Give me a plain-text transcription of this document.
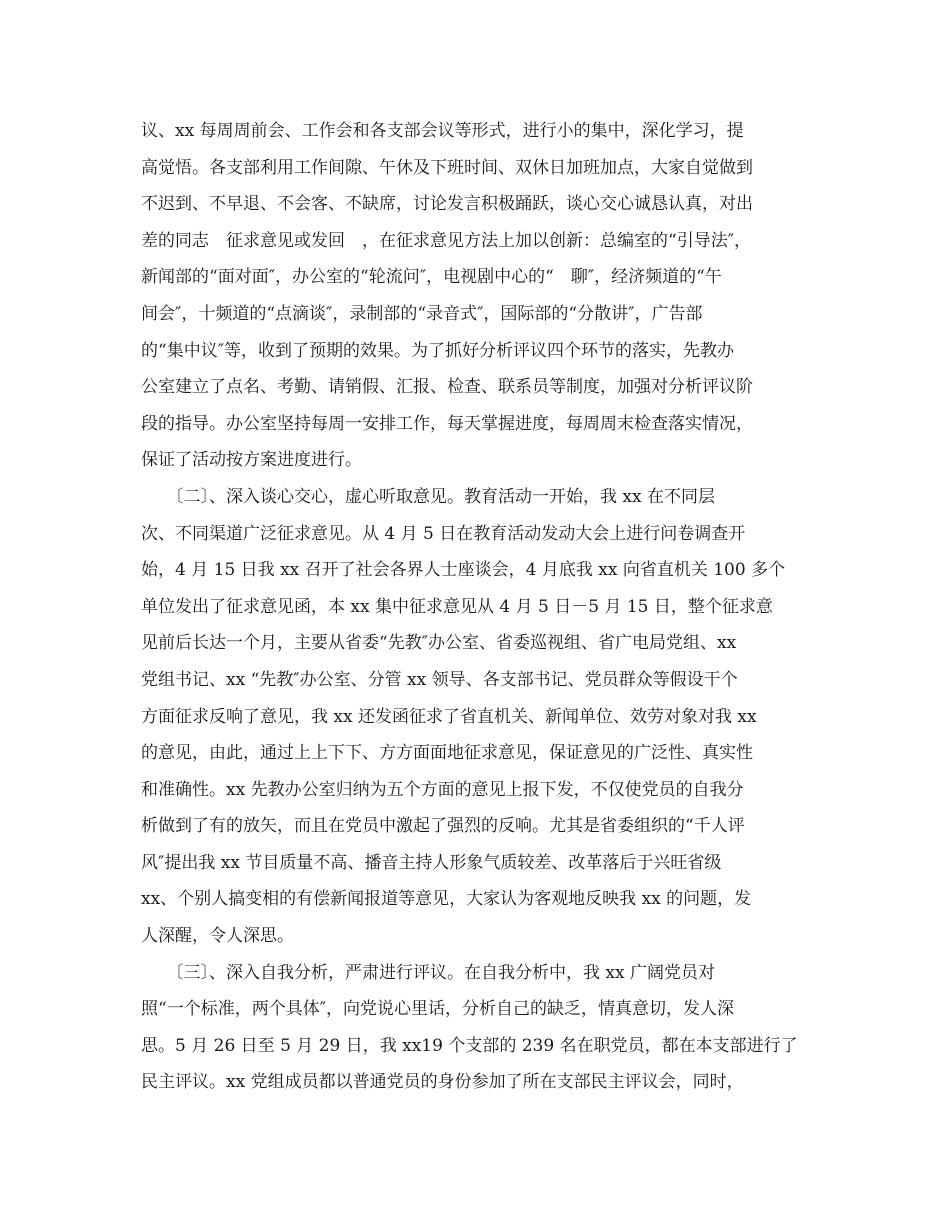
议、xx 每周周前会、工作会和各支部会议等形式，进行小的集中，深化学习，提
高觉悟。各支部利用工作间隙、午休及下班时间、双休日加班加点，大家自觉做到
不迟到、不早退、不会客、不缺席，讨论发言积极踊跃，谈心交心诚恳认真，对出
差的同志　征求意见或发回　，在征求意见方法上加以创新：总编室的“引导法″，
新闻部的“面对面″，办公室的“轮流问″，电视剧中心的“　聊″，经济频道的“午
间会″，十频道的“点滴谈″，录制部的“录音式″，国际部的“分散讲″，广告部
的“集中议″等，收到了预期的效果。为了抓好分析评议四个环节的落实，先教办
公室建立了点名、考勤、请销假、汇报、检查、联系员等制度，加强对分析评议阶
段的指导。办公室坚持每周一安排工作，每天掌握进度，每周周末检查落实情况，
保证了活动按方案进度进行。
　　〔二〕、深入谈心交心，虚心听取意见。教育活动一开始，我 xx 在不同层
次、不同渠道广泛征求意见。从 4 月 5 日在教育活动发动大会上进行问卷调查开
始，4 月 15 日我 xx 召开了社会各界人士座谈会，4 月底我 xx 向省直机关 100 多个
单位发出了征求意见函，本 xx 集中征求意见从 4 月 5 日－5 月 15 日，整个征求意
见前后长达一个月，主要从省委“先教″办公室、省委巡视组、省广电局党组、xx
党组书记、xx “先教″办公室、分管 xx 领导、各支部书记、党员群众等假设干个
方面征求反响了意见，我 xx 还发函征求了省直机关、新闻单位、效劳对象对我 xx
的意见，由此，通过上上下下、方方面面地征求意见，保证意见的广泛性、真实性
和准确性。xx 先教办公室归纳为五个方面的意见上报下发，不仅使党员的自我分
析做到了有的放矢，而且在党员中激起了强烈的反响。尤其是省委组织的“千人评
风″提出我 xx 节目质量不高、播音主持人形象气质较差、改革落后于兴旺省级
xx、个别人搞变相的有偿新闻报道等意见，大家认为客观地反映我 xx 的问题，发
人深醒，令人深思。
　　〔三〕、深入自我分析，严肃进行评议。在自我分析中，我 xx 广阔党员对
照“一个标准，两个具体″，向党说心里话，分析自己的缺乏，情真意切，发人深
思。5 月 26 日至 5 月 29 日，我 xx19 个支部的 239 名在职党员，都在本支部进行了
民主评议。xx 党组成员都以普通党员的身份参加了所在支部民主评议会，同时，
